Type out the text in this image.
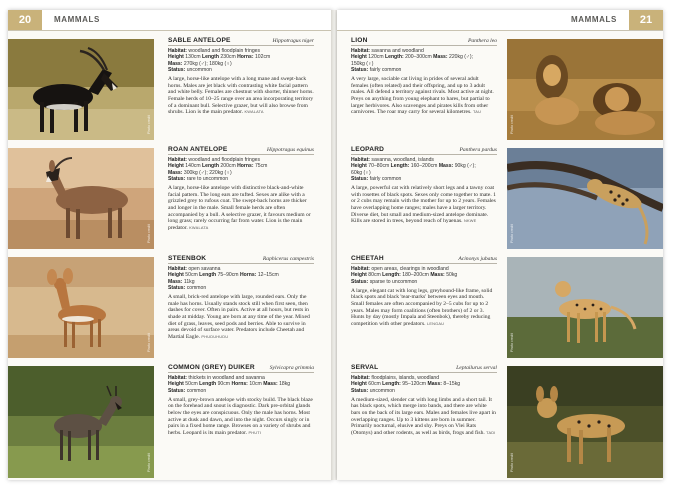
20	MAMMALS
Photo credit
Photo credit
Photo credit
Photo credit
SABLE ANTELOPE	Hippotragus niger
Habitat: woodland and floodplain fringes
Height 130cm Length 230cm Horns: 102cm
Mass: 270kg (♂); 180kg (♀)
Status: uncommon
A large, horse-like antelope with a long mane and swept-back horns. Males are jet black with contrasting white facial pattern and white belly. Females are chestnut with shorter, thinner horns. Female herds of 10–25 range over an area incorporating territory of a dominant bull. Selective grazer, but will also browse from shrubs. Lion is the main predator. KWALATA
ROAN ANTELOPE	Hippotragus equinus
Habitat: woodland and floodplain fringes
Height 140cm Length 200cm Horns: 75cm
Mass: 300kg (♂); 220kg (♀)
Status: rare to uncommon
A large, horse-like antelope with distinctive black-and-white facial pattern. The long ears are tufted. Sexes are alike with a grizzled grey to rufous coat. The swept-back horns are thicker and longer in the male. Small female herds are often accompanied by a bull. A selective grazer, it favours medium or long grass; rarely occurring far from water. Lion is the main predator. KWALATA
STEENBOK	Raphicerus campestris
Habitat: open savanna
Height 50cm Length 75–90cm Horns: 12–15cm
Mass: 11kg
Status: common
A small, brick-red antelope with large, rounded ears. Only the male has horns. Usually stands stock still when first seen, then dashes for cover. Often in pairs. Active at all hours, but rests in shade at midday. Young are born at any time of the year. Mixed diet of grass, leaves, seed pods and berries. Able to survive in areas devoid of surface water. Predators include Cheetah and Martial Eagle. PHUDUHUDU
COMMON (GREY) DUIKER	Sylvicapra grimmia
Habitat: thickets in woodland and savanna
Height 50cm Length 90cm Horns: 10cm Mass: 18kg
Status: common
A small, grey-brown antelope with stocky build. The black blaze on the forehead and snout is diagnostic. Dark pre-orbital glands below the eyes are conspicuous. Only the male has horns. Most active at dusk and dawn, and into the night. Occurs singly or in pairs in a fixed home range. Browses on a variety of shrubs and herbs. Leopard is its main predator. PHUTI
MAMMALS	21
LION	Panthera leo
Habitat: savanna and woodland
Height 120cm Length: 200–300cm Mass: 220kg (♂);
150kg (♀)
Status: fairly common
A very large, sociable cat living in prides of several adult females (often related) and their offspring, and up to 3 adult males. All defend a territory against rivals. Most active at night. Preys on anything from young elephant to hares, but partial to larger herbivores. Also scavenges and pirates kills from other carnivores. The roar may carry for several kilometres. TAU
LEOPARD	Panthera pardus
Habitat: savanna, woodland, islands
Height 70–80cm Length: 160–200cm Mass: 90kg (♂);
60kg (♀)
Status: fairly common
A large, powerful cat with relatively short legs and a tawny coat with rosettes of black spots. Sexes only come together to mate. 1 or 2 cubs may remain with the mother for up to 2 years. Females have overlapping home ranges; males have a larger territory. Diverse diet, but small and medium-sized antelope dominate. Kills are stored in trees, beyond reach of hyaenas. NKWE
CHEETAH	Acinonyx jubatus
Habitat: open areas, clearings in woodland
Height 80cm Length: 180–200cm Mass: 50kg
Status: sparse to uncommon
A large, elegant cat with long legs, greyhound-like frame, solid black spots and black 'tear-marks' between eyes and mouth. Small females are often accompanied by 2–5 cubs for up to 2 years. Males may form coalitions (often brothers) of 2 or 3. Hunts by day (mostly Impala and Steenbok), thereby reducing competition with other predators. LENGAU
SERVAL	Leptailurus serval
Habitat: floodplains, islands, woodland
Height 60cm Length: 95–120cm Mass: 8–15kg
Status: uncommon
A medium-sized, slender cat with long limbs and a short tail. It has black spots, which merge into bands, and there are white bars on the back of its large ears. Males and females live apart in overlapping ranges. Up to 3 kittens are born in summer. Primarily nocturnal, elusive and shy. Preys on Vlei Rats (Otomys) and other rodents, as well as birds, frogs and fish. TADI
Photo credit
Photo credit
Photo credit
Photo credit
